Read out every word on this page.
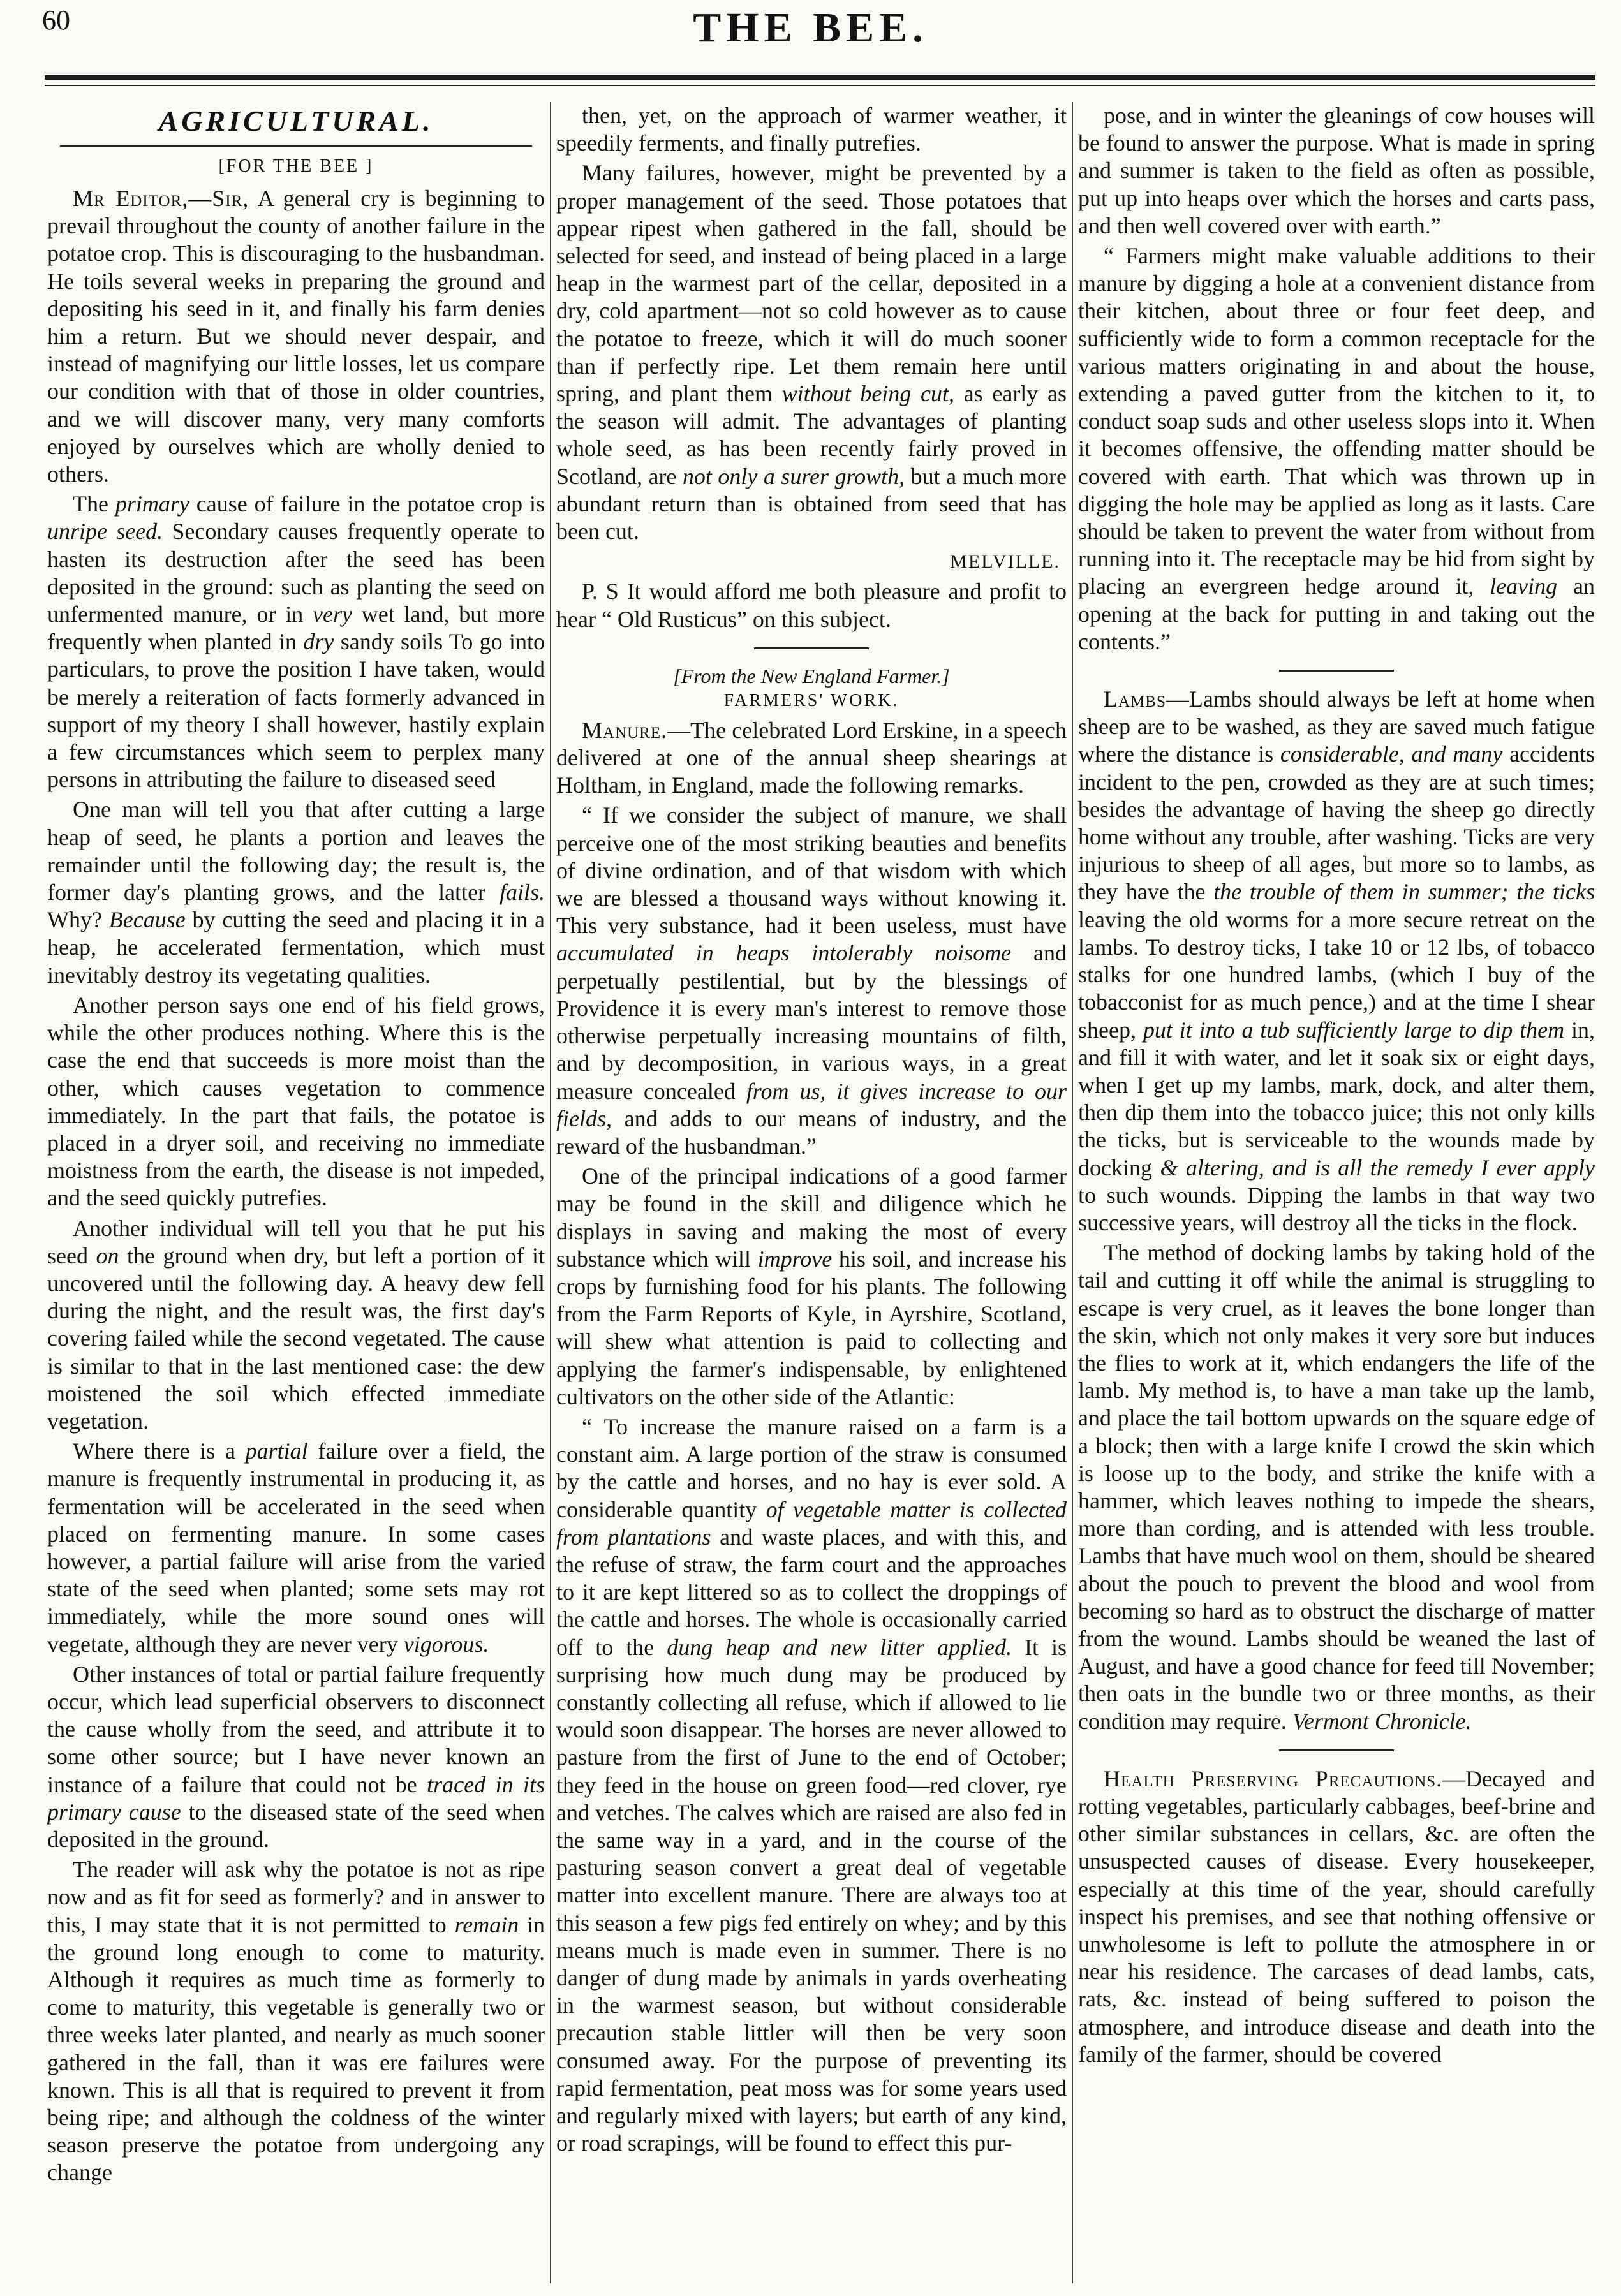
60	THE BEE.
AGRICULTURAL.
[FOR THE BEE ]

Mr Editor,—Sir, A general cry is beginning to prevail throughout the county of another failure in the potatoe crop. This is discouraging to the husbandman. He toils several weeks in preparing the ground and depositing his seed in it, and finally his farm denies him a return. But we should never despair, and instead of magnifying our little losses, let us compare our condition with that of those in older countries, and we will discover many, very many comforts enjoyed by ourselves which are wholly denied to others.

The primary cause of failure in the potatoe crop is unripe seed. Secondary causes frequently operate to hasten its destruction after the seed has been deposited in the ground: such as planting the seed on unfermented manure, or in very wet land, but more frequently when planted in dry sandy soils To go into particulars, to prove the position I have taken, would be merely a reiteration of facts formerly advanced in support of my theory I shall however, hastily explain a few circumstances which seem to perplex many persons in attributing the failure to diseased seed

One man will tell you that after cutting a large heap of seed, he plants a portion and leaves the remainder until the following day; the result is, the former day's planting grows, and the latter fails. Why? Because by cutting the seed and placing it in a heap, he accelerated fermentation, which must inevitably destroy its vegetating qualities.

Another person says one end of his field grows, while the other produces nothing. Where this is the case the end that succeeds is more moist than the other, which causes vegetation to commence immediately. In the part that fails, the potatoe is placed in a dryer soil, and receiving no immediate moistness from the earth, the disease is not impeded, and the seed quickly putrefies.

Another individual will tell you that he put his seed on the ground when dry, but left a portion of it uncovered until the following day. A heavy dew fell during the night, and the result was, the first day's covering failed while the second vegetated. The cause is similar to that in the last mentioned case: the dew moistened the soil which effected immediate vegetation.

Where there is a partial failure over a field, the manure is frequently instrumental in producing it, as fermentation will be accelerated in the seed when placed on fermenting manure. In some cases however, a partial failure will arise from the varied state of the seed when planted; some sets may rot immediately, while the more sound ones will vegetate, although they are never very vigorous.

Other instances of total or partial failure frequently occur, which lead superficial observers to disconnect the cause wholly from the seed, and attribute it to some other source; but I have never known an instance of a failure that could not be traced in its primary cause to the diseased state of the seed when deposited in the ground.

The reader will ask why the potatoe is not as ripe now and as fit for seed as formerly? and in answer to this, I may state that it is not permitted to remain in the ground long enough to come to maturity. Although it requires as much time as formerly to come to maturity, this vegetable is generally two or three weeks later planted, and nearly as much sooner gathered in the fall, than it was ere failures were known. This is all that is required to prevent it from being ripe; and although the coldness of the winter season preserve the potatoe from undergoing any change

then, yet, on the approach of warmer weather, it speedily ferments, and finally putrefies.

Many failures, however, might be prevented by a proper management of the seed. Those potatoes that appear ripest when gathered in the fall, should be selected for seed, and instead of being placed in a large heap in the warmest part of the cellar, deposited in a dry, cold apartment—not so cold however as to cause the potatoe to freeze, which it will do much sooner than if perfectly ripe. Let them remain here until spring, and plant them without being cut, as early as the season will admit. The advantages of planting whole seed, as has been recently fairly proved in Scotland, are not only a surer growth, but a much more abundant return than is obtained from seed that has been cut.

MELVILLE.

P. S It would afford me both pleasure and profit to hear “ Old Rusticus” on this subject.

[From the New England Farmer.]
FARMERS' WORK.

Manure.—The celebrated Lord Erskine, in a speech delivered at one of the annual sheep shearings at Holtham, in England, made the following remarks.

“ If we consider the subject of manure, we shall perceive one of the most striking beauties and benefits of divine ordination, and of that wisdom with which we are blessed a thousand ways without knowing it. This very substance, had it been useless, must have accumulated in heaps intolerably noisome and perpetually pestilential, but by the blessings of Providence it is every man's interest to remove those otherwise perpetually increasing mountains of filth, and by decomposition, in various ways, in a great measure concealed from us, it gives increase to our fields, and adds to our means of industry, and the reward of the husbandman.”

One of the principal indications of a good farmer may be found in the skill and diligence which he displays in saving and making the most of every substance which will improve his soil, and increase his crops by furnishing food for his plants. The following from the Farm Reports of Kyle, in Ayrshire, Scotland, will shew what attention is paid to collecting and applying the farmer's indispensable, by enlightened cultivators on the other side of the Atlantic:

“ To increase the manure raised on a farm is a constant aim. A large portion of the straw is consumed by the cattle and horses, and no hay is ever sold. A considerable quantity of vegetable matter is collected from plantations and waste places, and with this, and the refuse of straw, the farm court and the approaches to it are kept littered so as to collect the droppings of the cattle and horses. The whole is occasionally carried off to the dung heap and new litter applied. It is surprising how much dung may be produced by constantly collecting all refuse, which if allowed to lie would soon disappear. The horses are never allowed to pasture from the first of June to the end of October; they feed in the house on green food—red clover, rye and vetches. The calves which are raised are also fed in the same way in a yard, and in the course of the pasturing season convert a great deal of vegetable matter into excellent manure. There are always too at this season a few pigs fed entirely on whey; and by this means much is made even in summer. There is no danger of dung made by animals in yards overheating in the warmest season, but without considerable precaution stable littler will then be very soon consumed away. For the purpose of preventing its rapid fermentation, peat moss was for some years used and regularly mixed with layers; but earth of any kind, or road scrapings, will be found to effect this pur-

pose, and in winter the gleanings of cow houses will be found to answer the purpose. What is made in spring and summer is taken to the field as often as possible, put up into heaps over which the horses and carts pass, and then well covered over with earth.”

“ Farmers might make valuable additions to their manure by digging a hole at a convenient distance from their kitchen, about three or four feet deep, and sufficiently wide to form a common receptacle for the various matters originating in and about the house, extending a paved gutter from the kitchen to it, to conduct soap suds and other useless slops into it. When it becomes offensive, the offending matter should be covered with earth. That which was thrown up in digging the hole may be applied as long as it lasts. Care should be taken to prevent the water from without from running into it. The receptacle may be hid from sight by placing an evergreen hedge around it, leaving an opening at the back for putting in and taking out the contents.”

Lambs—Lambs should always be left at home when sheep are to be washed, as they are saved much fatigue where the distance is considerable, and many accidents incident to the pen, crowded as they are at such times; besides the advantage of having the sheep go directly home without any trouble, after washing. Ticks are very injurious to sheep of all ages, but more so to lambs, as they have the the trouble of them in summer; the ticks leaving the old worms for a more secure retreat on the lambs. To destroy ticks, I take 10 or 12 lbs, of tobacco stalks for one hundred lambs, (which I buy of the tobacconist for as much pence,) and at the time I shear sheep, put it into a tub sufficiently large to dip them in, and fill it with water, and let it soak six or eight days, when I get up my lambs, mark, dock, and alter them, then dip them into the tobacco juice; this not only kills the ticks, but is serviceable to the wounds made by docking & altering, and is all the remedy I ever apply to such wounds. Dipping the lambs in that way two successive years, will destroy all the ticks in the flock.

The method of docking lambs by taking hold of the tail and cutting it off while the animal is struggling to escape is very cruel, as it leaves the bone longer than the skin, which not only makes it very sore but induces the flies to work at it, which endangers the life of the lamb. My method is, to have a man take up the lamb, and place the tail bottom upwards on the square edge of a block; then with a large knife I crowd the skin which is loose up to the body, and strike the knife with a hammer, which leaves nothing to impede the shears, more than cording, and is attended with less trouble. Lambs that have much wool on them, should be sheared about the pouch to prevent the blood and wool from becoming so hard as to obstruct the discharge of matter from the wound. Lambs should be weaned the last of August, and have a good chance for feed till November; then oats in the bundle two or three months, as their condition may require. Vermont Chronicle.

Health Preserving Precautions.—Decayed and rotting vegetables, particularly cabbages, beef-brine and other similar substances in cellars, &c. are often the unsuspected causes of disease. Every housekeeper, especially at this time of the year, should carefully inspect his premises, and see that nothing offensive or unwholesome is left to pollute the atmosphere in or near his residence. The carcases of dead lambs, cats, rats, &c. instead of being suffered to poison the atmosphere, and introduce disease and death into the family of the farmer, should be covered
